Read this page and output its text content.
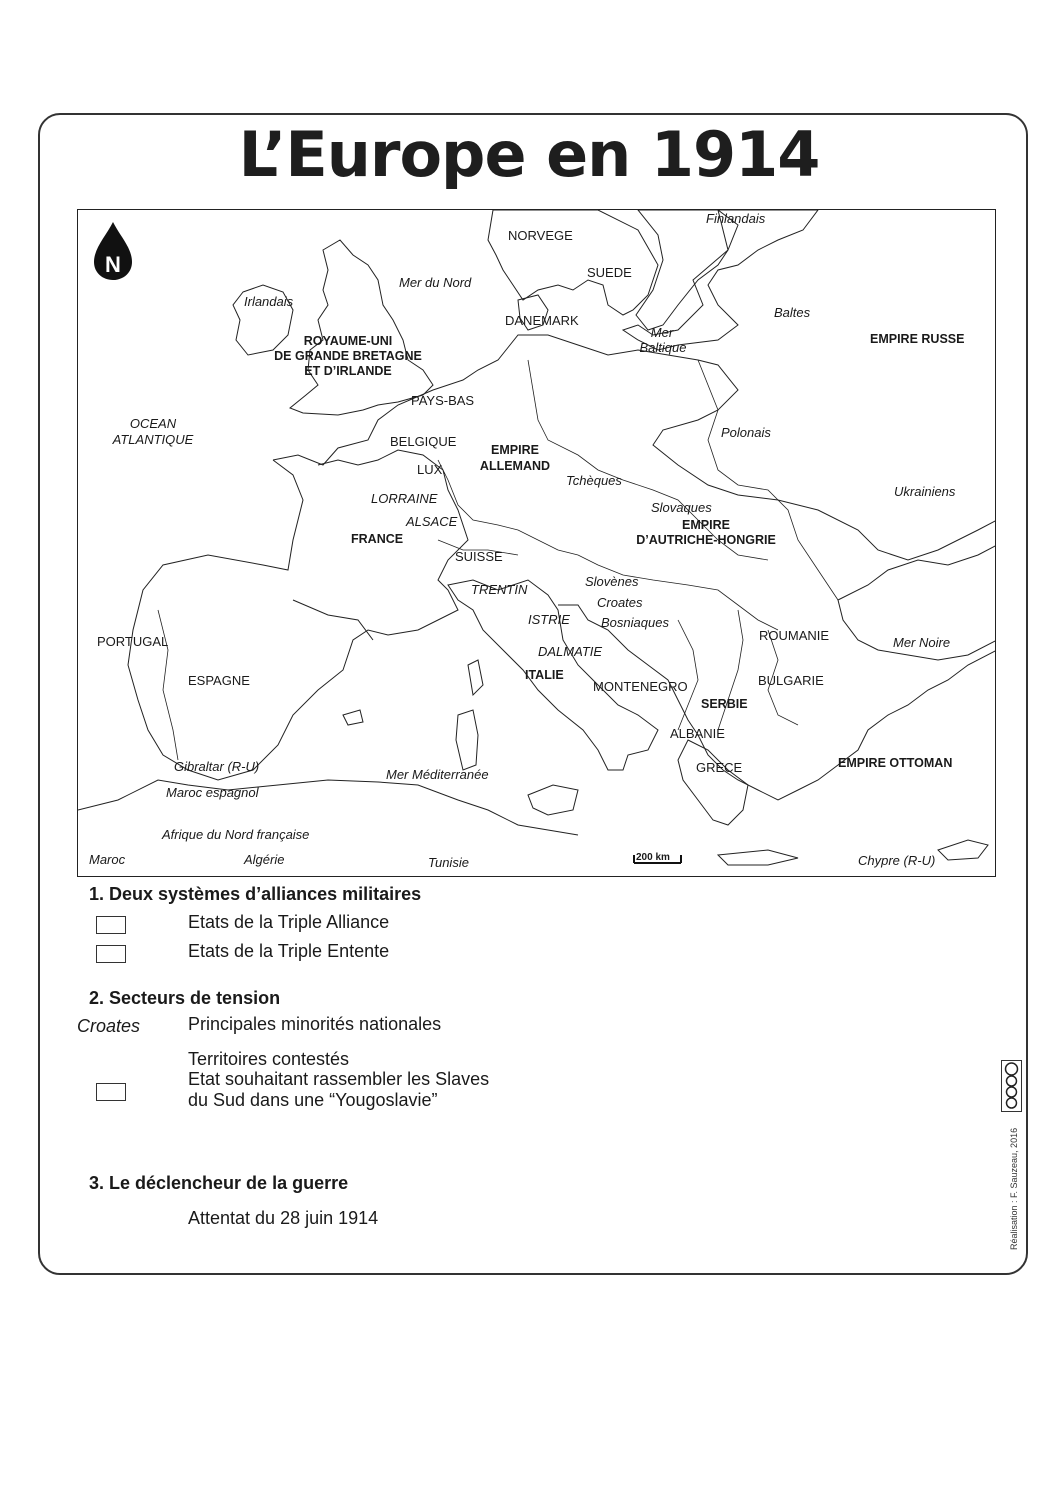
L’Europe en 1914
N
Finlandais
NORVEGE
SUEDE
Mer du Nord
Irlandais
DANEMARK
Baltes
Mer
Baltique
EMPIRE RUSSE
ROYAUME-UNI
DE GRANDE BRETAGNE
ET D’IRLANDE
PAYS-BAS
OCEAN
ATLANTIQUE	Polonais
BELGIQUE
EMPIRE
ALLEMAND
LUX.
Tchèques
Ukrainiens
LORRAINE
Slovaques
ALSACE	EMPIRE
D’AUTRICHE-HONGRIE
FRANCE
SUISSE
Slovènes
TRENTIN
Croates
ISTRIE Bosniaques
PORTUGAL	ROUMANIE	Mer Noire
DALMATIE
ESPAGNE	ITALIE
MONTENEGRO	BULGARIE
SERBIE
ALBANIE
Gibraltar (R-U)	GRECE	EMPIRE OTTOMAN
Mer Méditerranée
Maroc espagnol
Afrique du Nord française
Maroc	Algérie	Tunisie	Chypre (R-U)
200 km
1. Deux systèmes d’alliances militaires
Etats de la Triple Alliance
Etats de la Triple Entente
2. Secteurs de tension
Croates	Principales minorités nationales
Territoires contestés
Etat souhaitant rassembler les Slaves
du Sud dans une “Yougoslavie”
3. Le déclencheur de la guerre
Attentat du 28 juin 1914	Réalisation : F. Sauzeau, 2016
